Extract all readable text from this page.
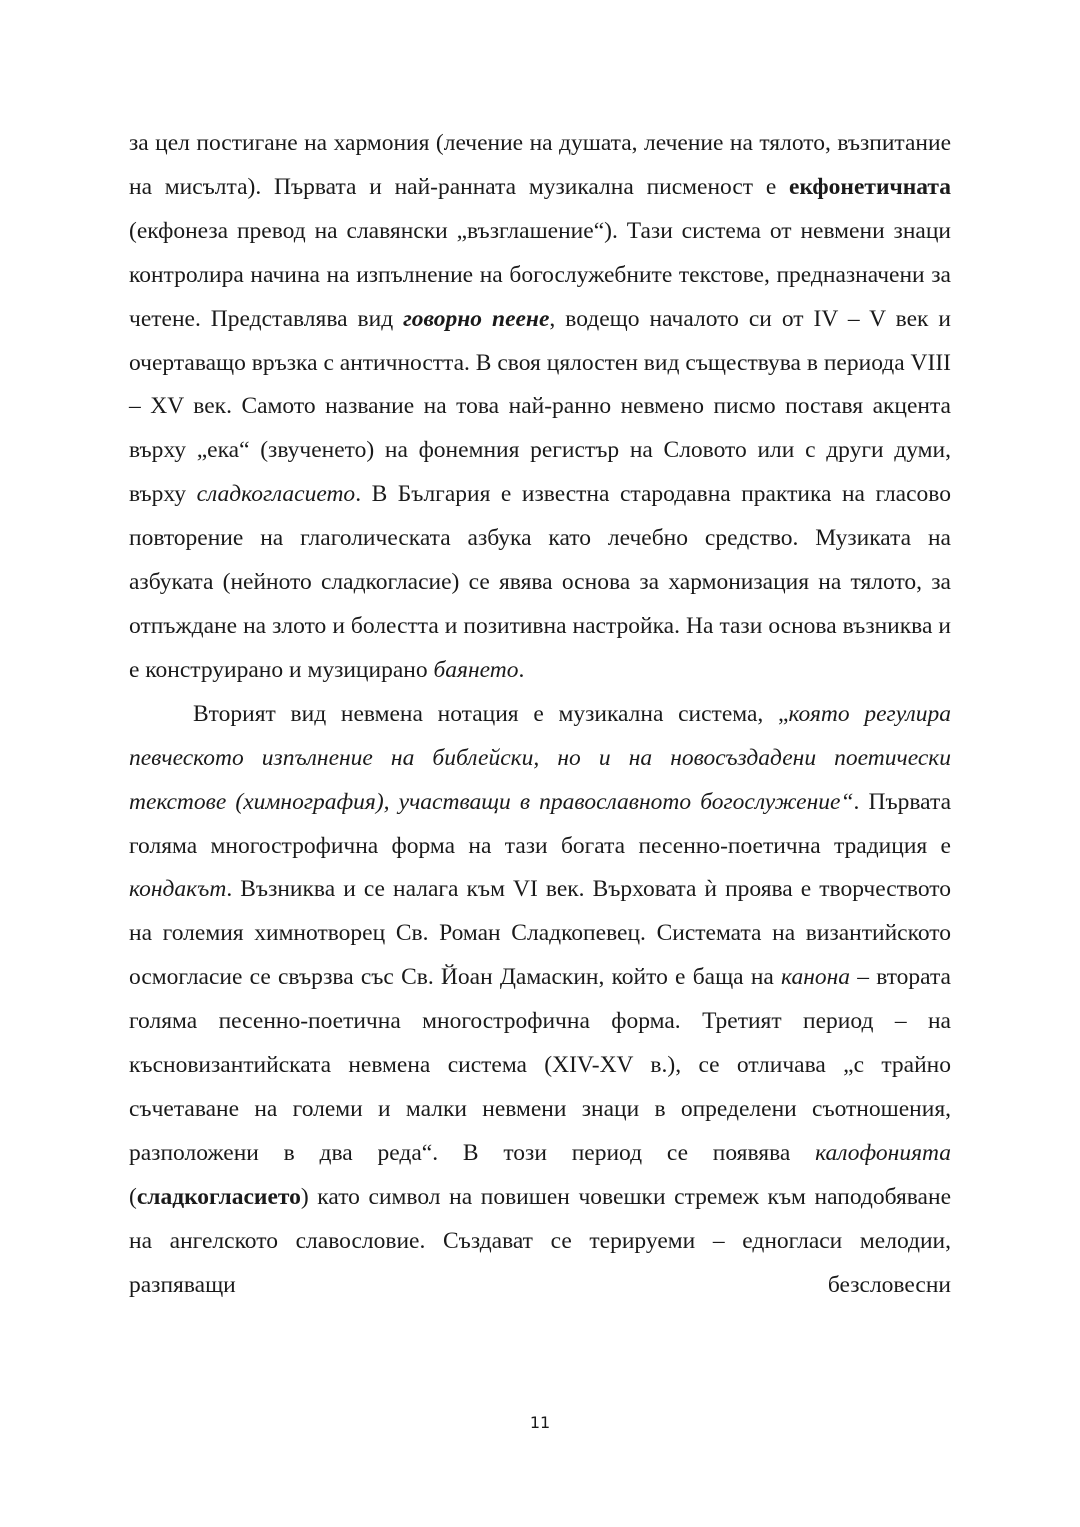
за цел постигане на хармония (лечение на душата, лечение на тялото, възпитание на мисълта). Първата и най-ранната музикална писменост е екфонетичната (екфонеза превод на славянски „възглашение“). Тази система от невмени знаци контролира начина на изпълнение на богослужебните текстове, предназначени за четене. Представлява вид говорно пеене, водещо началото си от IV – V век и очертаващо връзка с античността. В своя цялостен вид съществува в периода VIII – XV век. Самото название на това най-ранно невмено писмо поставя акцента върху „ека“ (звученето) на фонемния регистър на Словото или с други думи, върху сладкогласието. В България е известна стародавна практика на гласово повторение на глаголическата азбука като лечебно средство. Музиката на азбуката (нейното сладкогласие) се явява основа за хармонизация на тялото, за отпъждане на злото и болестта и позитивна настройка. На тази основа възниква и е конструирано и музицирано баянето.

Вторият вид невмена нотация е музикална система, „която регулира певческото изпълнение на библейски, но и на новосъздадени поетически текстове (химнография), участващи в православното богослужение“. Първата голяма многострофична форма на тази богата песенно-поетична традиция е кондакът. Възниква и се налага към VI век. Върховата ѝ проява е творчеството на големия химнотворец Св. Роман Сладкопевец. Системата на византийското осмогласие се свързва със Св. Йоан Дамаскин, който е баща на канона – втората голяма песенно-поетична многострофична форма. Третият период – на късновизантийската невмена система (XIV-XV в.), се отличава „с трайно съчетаване на големи и малки невмени знаци в определени съотношения, разположени в два реда“. В този период се появява калофонията (сладкогласието) като символ на повишен човешки стремеж към наподобяване на ангелското славословие. Създават се терируеми – едногласи мелодии, разпяващи безсловесни

11
